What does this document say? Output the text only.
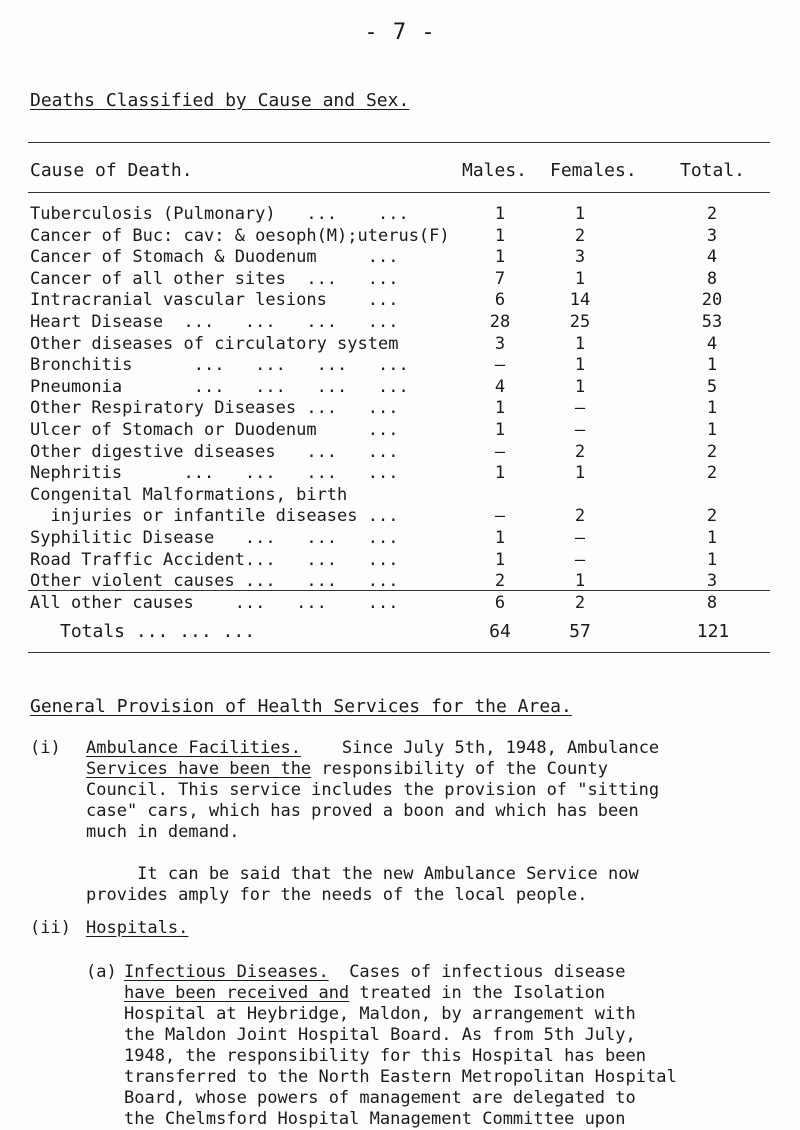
- 7 -
Deaths Classified by Cause and Sex.
Cause of Death.	Males. Females. Total.
Tuberculosis (Pulmonary)   ...    ...	1	1	2
Cancer of Buc: cav: & oesoph(M);uterus(F)	1	2	3
Cancer of Stomach & Duodenum     ...	1	3	4
Cancer of all other sites  ...   ...	7	1	8
Intracranial vascular lesions    ...	6	14	20
Heart Disease  ...   ...   ...   ...	28	25	53
Other diseases of circulatory system	3	1	4
Bronchitis      ...   ...   ...   ...	–	1	1
Pneumonia       ...   ...   ...   ...	4	1	5
Other Respiratory Diseases ...   ...	1	–	1
Ulcer of Stomach or Duodenum     ...	1	–	1
Other digestive diseases   ...   ...	–	2	2
Nephritis      ...   ...   ...   ...	1	1	2
Congenital Malformations, birth
injuries or infantile diseases ...	–	2	2
Syphilitic Disease   ...   ...   ...	1	–	1
Road Traffic Accident...   ...   ...	1	–	1
Other violent causes ...   ...   ...	2	1	3
All other causes    ...   ...    ...	6	2	8
Totals ... ... ...	64	57	121
General Provision of Health Services for the Area.
(i) Ambulance Facilities. Since July 5th, 1948, Ambulance
Services have been the responsibility of the County
Council. This service includes the provision of "sitting
case" cars, which has proved a boon and which has been
much in demand.
It can be said that the new Ambulance Service now
provides amply for the needs of the local people.
(ii) Hospitals.
(a) Infectious Diseases. Cases of infectious disease
have been received and treated in the Isolation
Hospital at Heybridge, Maldon, by arrangement with
the Maldon Joint Hospital Board. As from 5th July,
1948, the responsibility for this Hospital has been
transferred to the North Eastern Metropolitan Hospital
Board, whose powers of management are delegated to
the Chelmsford Hospital Management Committee upon
